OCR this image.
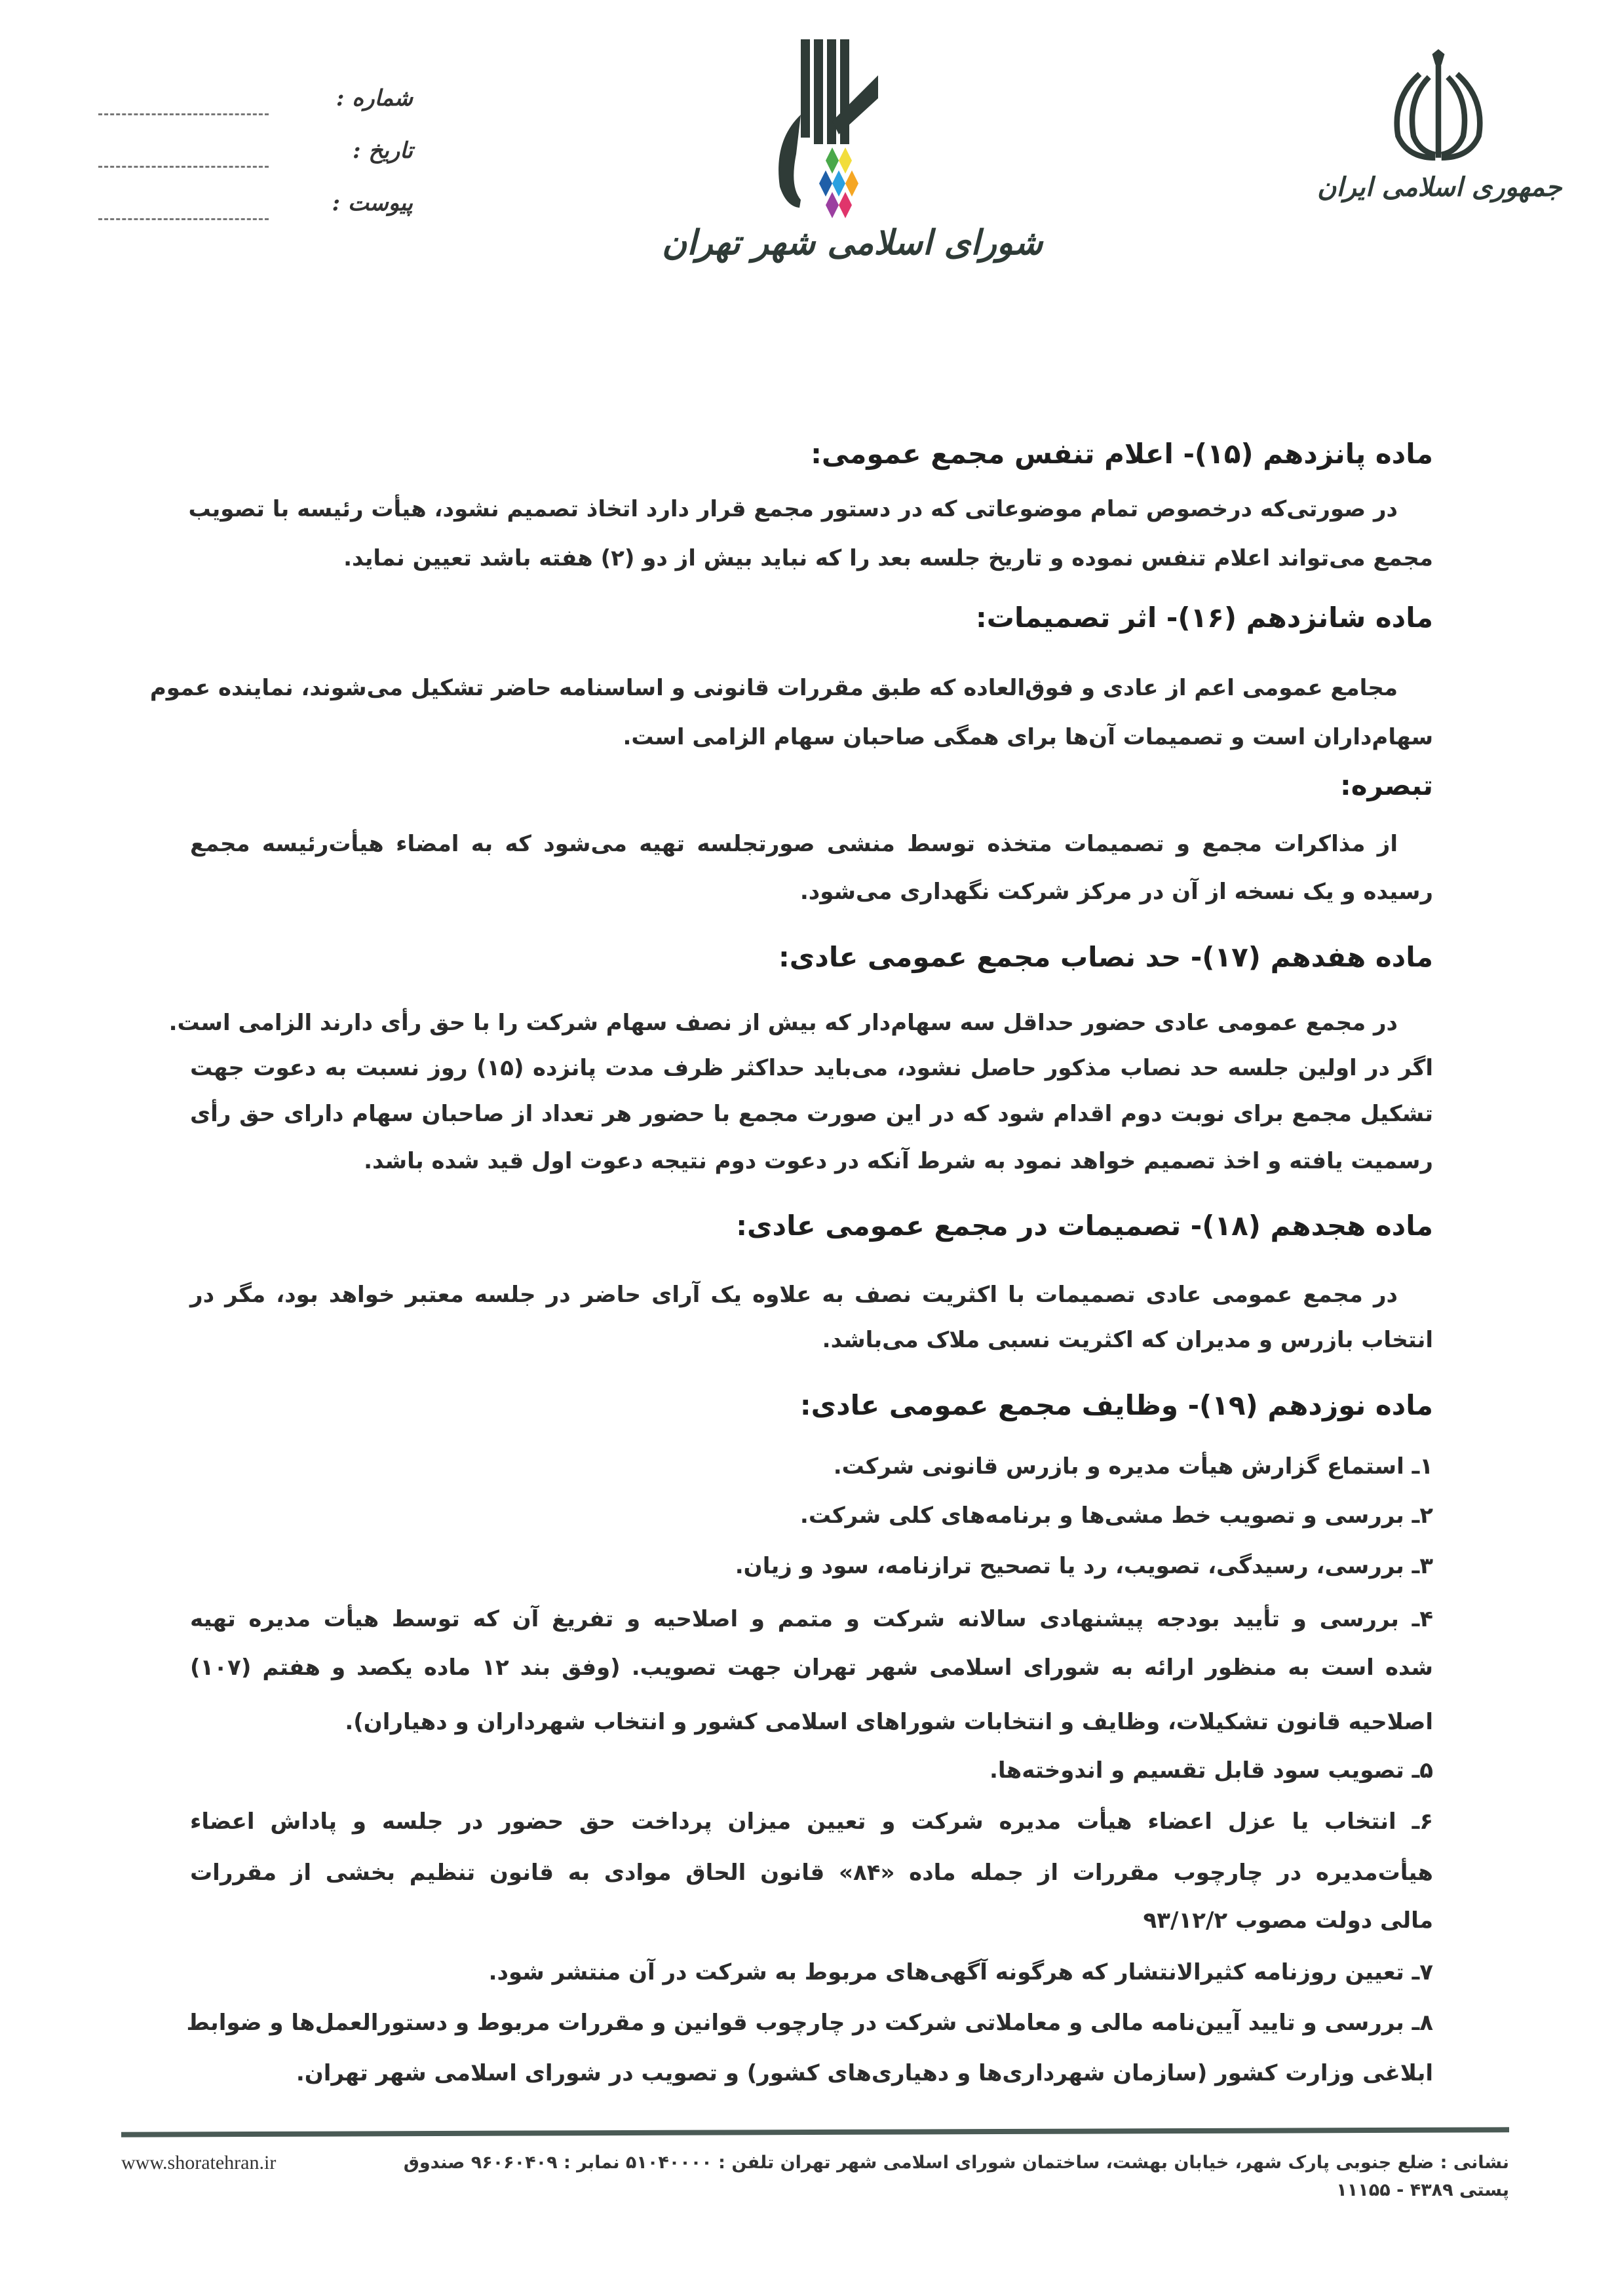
شماره :
تاریخ :
پیوست :
شورای اسلامی شهر تهران
جمهوری اسلامی ایران
ماده پانزدهم (۱۵)- اعلام تنفس مجمع عمومی:
در صورتی‌که درخصوص تمام موضوعاتی که در دستور مجمع قرار دارد اتخاذ تصمیم نشود، هیأت رئیسه با تصویب
مجمع می‌تواند اعلام تنفس نموده و تاریخ جلسه بعد را که نباید بیش از دو (۲) هفته باشد تعیین نماید.
ماده شانزدهم (۱۶)- اثر تصمیمات:
مجامع عمومی اعم از عادی و فوق‌العاده که طبق مقررات قانونی و اساسنامه حاضر تشکیل می‌شوند، نماینده عموم
سهام‌داران است و تصمیمات آن‌ها برای همگی صاحبان سهام الزامی است.
تبصره:
از مذاکرات مجمع و تصمیمات متخذه توسط منشی صورتجلسه تهیه می‌شود که به امضاء هیأت‌رئیسه مجمع
رسیده و یک نسخه از آن در مرکز شرکت نگهداری می‌شود.
ماده هفدهم (۱۷)- حد نصاب مجمع عمومی عادی:
در مجمع عمومی عادی حضور حداقل سه سهام‌دار که بیش از نصف سهام شرکت را با حق رأی دارند الزامی است.
اگر در اولین جلسه حد نصاب مذکور حاصل نشود، می‌باید حداکثر ظرف مدت پانزده (۱۵) روز نسبت به دعوت جهت
تشکیل مجمع برای نوبت دوم اقدام شود که در این صورت مجمع با حضور هر تعداد از صاحبان سهام دارای حق رأی
رسمیت یافته و اخذ تصمیم خواهد نمود به شرط آنکه در دعوت دوم نتیجه دعوت اول قید شده باشد.
ماده هجدهم (۱۸)- تصمیمات در مجمع عمومی عادی:
در مجمع عمومی عادی تصمیمات با اکثریت نصف به علاوه یک آرای حاضر در جلسه معتبر خواهد بود، مگر در
انتخاب بازرس و مدیران که اکثریت نسبی ملاک می‌باشد.
ماده نوزدهم (۱۹)- وظایف مجمع عمومی عادی:
۱ـ استماع گزارش هیأت مدیره و بازرس قانونی شرکت.
۲ـ بررسی و تصویب خط مشی‌ها و برنامه‌های کلی شرکت.
۳ـ بررسی، رسیدگی، تصویب، رد یا تصحیح ترازنامه، سود و زیان.
۴ـ بررسی و تأیید بودجه پیشنهادی سالانه شرکت و متمم و اصلاحیه و تفریغ آن که توسط هیأت مدیره تهیه
شده است به منظور ارائه به شورای اسلامی شهر تهران جهت تصویب. (وفق بند ۱۲ ماده یکصد و هفتم (۱۰۷)
اصلاحیه قانون تشکیلات، وظایف و انتخابات شوراهای اسلامی کشور و انتخاب شهرداران و دهیاران).
۵ـ تصویب سود قابل تقسیم و اندوخته‌ها.
۶ـ انتخاب یا عزل اعضاء هیأت مدیره شرکت و تعیین میزان پرداخت حق حضور در جلسه و پاداش اعضاء
هیأت‌مدیره در چارچوب مقررات از جمله ماده «۸۴» قانون الحاق موادی به قانون تنظیم بخشی از مقررات
مالی دولت مصوب ۹۳/۱۲/۲
۷ـ تعیین روزنامه کثیرالانتشار که هرگونه آگهی‌های مربوط به شرکت در آن منتشر شود.
۸ـ بررسی و تایید آیین‌نامه مالی و معاملاتی شرکت در چارچوب قوانین و مقررات مربوط و دستورالعمل‌ها و ضوابط
ابلاغی وزارت کشور (سازمان شهرداری‌ها و دهیاری‌های کشور) و تصویب در شورای اسلامی شهر تهران.
www.shoratehran.ir	نشانی : ضلع جنوبی پارک شهر، خیابان بهشت، ساختمان شورای اسلامی شهر تهران تلفن : ۵۱۰۴۰۰۰۰ نمابر : ۹۶۰۶۰۴۰۹ صندوق پستی ۴۳۸۹ - ۱۱۱۵۵
